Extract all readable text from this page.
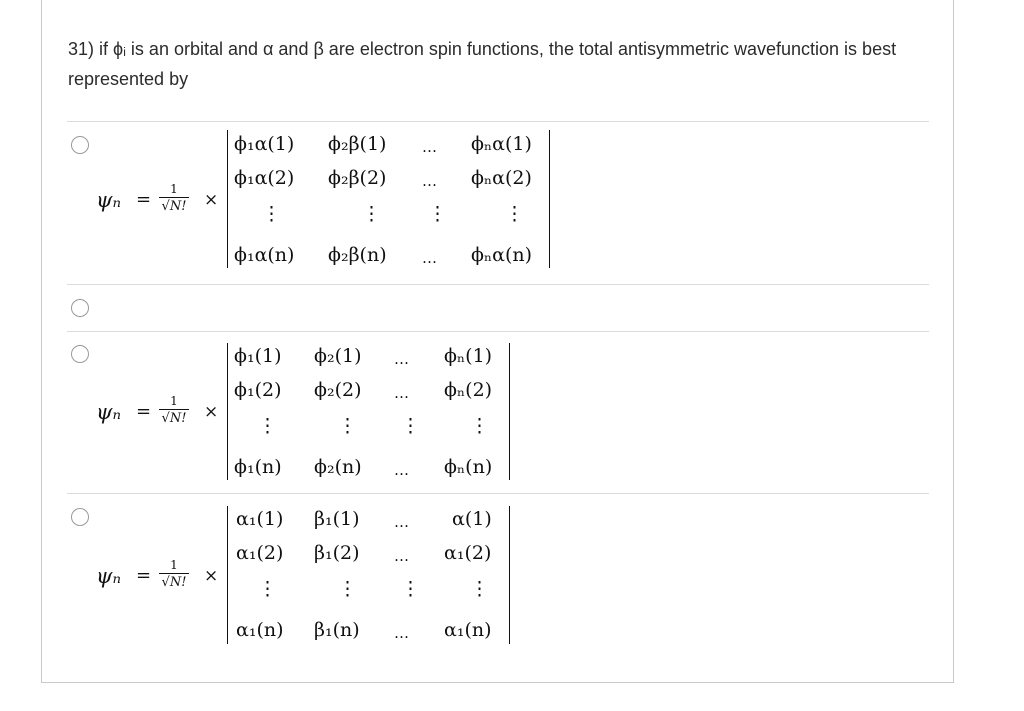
31) if ϕᵢ is an orbital and α and β are electron spin functions, the total antisymmetric wavefunction is best represented by
ψₙ =	1
√N! ×
ϕ₁α(1) ϕ₂β(1) … ϕₙα(1)
ϕ₁α(2) ϕ₂β(2) … ϕₙα(2)
⋮	⋮ ⋮	⋮
ϕ₁α(n) ϕ₂β(n) … ϕₙα(n)
ψₙ =	1
√N! ×
ϕ₁(1) ϕ₂(1) … ϕₙ(1)
ϕ₁(2) ϕ₂(2) … ϕₙ(2)
⋮	⋮ ⋮	⋮
ϕ₁(n) ϕ₂(n) … ϕₙ(n)
ψₙ =	1
√N! ×
α₁(1) β₁(1) … α(1)
α₁(2) β₁(2) … α₁(2)
⋮	⋮ ⋮	⋮
α₁(n) β₁(n) … α₁(n)
